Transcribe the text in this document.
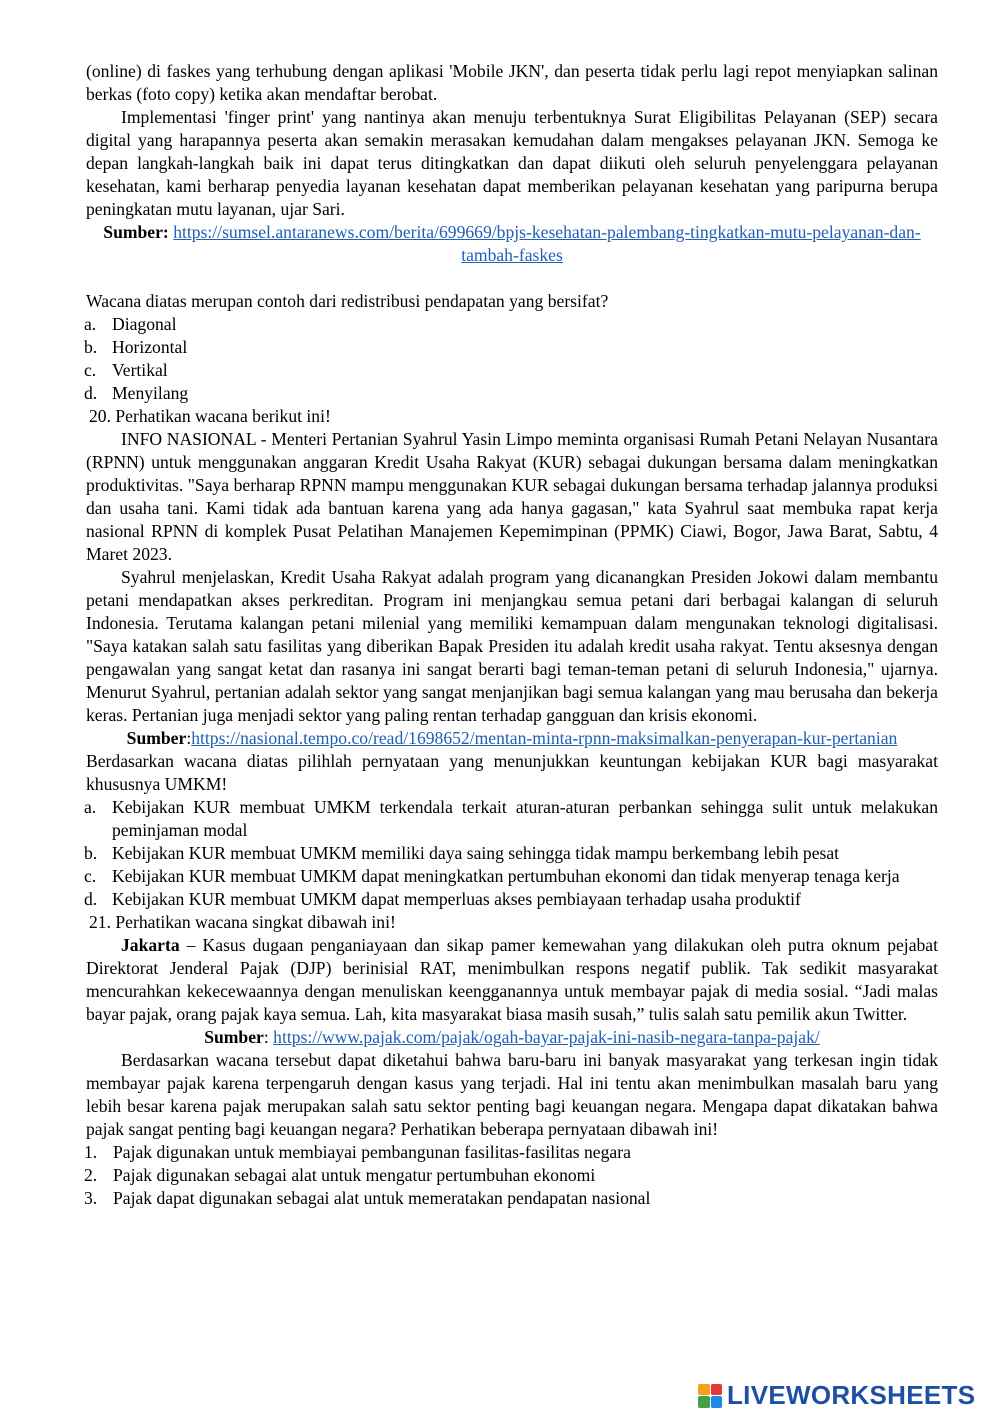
(online) di faskes yang terhubung dengan aplikasi 'Mobile JKN', dan peserta tidak perlu lagi repot menyiapkan salinan berkas (foto copy) ketika akan mendaftar berobat.

Implementasi 'finger print' yang nantinya akan menuju terbentuknya Surat Eligibilitas Pelayanan (SEP) secara digital yang harapannya peserta akan semakin merasakan kemudahan dalam mengakses pelayanan JKN. Semoga ke depan langkah-langkah baik ini dapat terus ditingkatkan dan dapat diikuti oleh seluruh penyelenggara pelayanan kesehatan, kami berharap penyedia layanan kesehatan dapat memberikan pelayanan kesehatan yang paripurna berupa peningkatan mutu layanan, ujar Sari.

Sumber: https://sumsel.antaranews.com/berita/699669/bpjs-kesehatan-palembang-tingkatkan-mutu-pelayanan-dan-tambah-faskes

Wacana diatas merupan contoh dari redistribusi pendapatan yang bersifat?

a. Diagonal
b. Horizontal
c. Vertikal
d. Menyilang

20. Perhatikan wacana berikut ini!

INFO NASIONAL - Menteri Pertanian Syahrul Yasin Limpo meminta organisasi Rumah Petani Nelayan Nusantara (RPNN) untuk menggunakan anggaran Kredit Usaha Rakyat (KUR) sebagai dukungan bersama dalam meningkatkan produktivitas. "Saya berharap RPNN mampu menggunakan KUR sebagai dukungan bersama terhadap jalannya produksi dan usaha tani. Kami tidak ada bantuan karena yang ada hanya gagasan," kata Syahrul saat membuka rapat kerja nasional RPNN di komplek Pusat Pelatihan Manajemen Kepemimpinan (PPMK) Ciawi, Bogor, Jawa Barat, Sabtu, 4 Maret 2023.

Syahrul menjelaskan, Kredit Usaha Rakyat adalah program yang dicanangkan Presiden Jokowi dalam membantu petani mendapatkan akses perkreditan. Program ini menjangkau semua petani dari berbagai kalangan di seluruh Indonesia. Terutama kalangan petani milenial yang memiliki kemampuan dalam mengunakan teknologi digitalisasi. "Saya katakan salah satu fasilitas yang diberikan Bapak Presiden itu adalah kredit usaha rakyat. Tentu aksesnya dengan pengawalan yang sangat ketat dan rasanya ini sangat berarti bagi teman-teman petani di seluruh Indonesia," ujarnya. Menurut Syahrul, pertanian adalah sektor yang sangat menjanjikan bagi semua kalangan yang mau berusaha dan bekerja keras. Pertanian juga menjadi sektor yang paling rentan terhadap gangguan dan krisis ekonomi.

Sumber:https://nasional.tempo.co/read/1698652/mentan-minta-rpnn-maksimalkan-penyerapan-kur-pertanian

Berdasarkan wacana diatas pilihlah pernyataan yang menunjukkan keuntungan kebijakan KUR bagi masyarakat khususnya UMKM!

a. Kebijakan KUR membuat UMKM terkendala terkait aturan-aturan perbankan sehingga sulit untuk melakukan peminjaman modal
b. Kebijakan KUR membuat UMKM memiliki daya saing sehingga tidak mampu berkembang lebih pesat
c. Kebijakan KUR membuat UMKM dapat meningkatkan pertumbuhan ekonomi dan tidak menyerap tenaga kerja
d. Kebijakan KUR membuat UMKM dapat memperluas akses pembiayaan terhadap usaha produktif

21. Perhatikan wacana singkat dibawah ini!

Jakarta – Kasus dugaan penganiayaan dan sikap pamer kemewahan yang dilakukan oleh putra oknum pejabat Direktorat Jenderal Pajak (DJP) berinisial RAT, menimbulkan respons negatif publik. Tak sedikit masyarakat mencurahkan kekecewaannya dengan menuliskan keengganannya untuk membayar pajak di media sosial. “Jadi malas bayar pajak, orang pajak kaya semua. Lah, kita masyarakat biasa masih susah,” tulis salah satu pemilik akun Twitter.

Sumber: https://www.pajak.com/pajak/ogah-bayar-pajak-ini-nasib-negara-tanpa-pajak/

Berdasarkan wacana tersebut dapat diketahui bahwa baru-baru ini banyak masyarakat yang terkesan ingin tidak membayar pajak karena terpengaruh dengan kasus yang terjadi. Hal ini tentu akan menimbulkan masalah baru yang lebih besar karena pajak merupakan salah satu sektor penting bagi keuangan negara. Mengapa dapat dikatakan bahwa pajak sangat penting bagi keuangan negara? Perhatikan beberapa pernyataan dibawah ini!

1. Pajak digunakan untuk membiayai pembangunan fasilitas-fasilitas negara
2. Pajak digunakan sebagai alat untuk mengatur pertumbuhan ekonomi
3. Pajak dapat digunakan sebagai alat untuk memeratakan pendapatan nasional
LIVEWORKSHEETS
